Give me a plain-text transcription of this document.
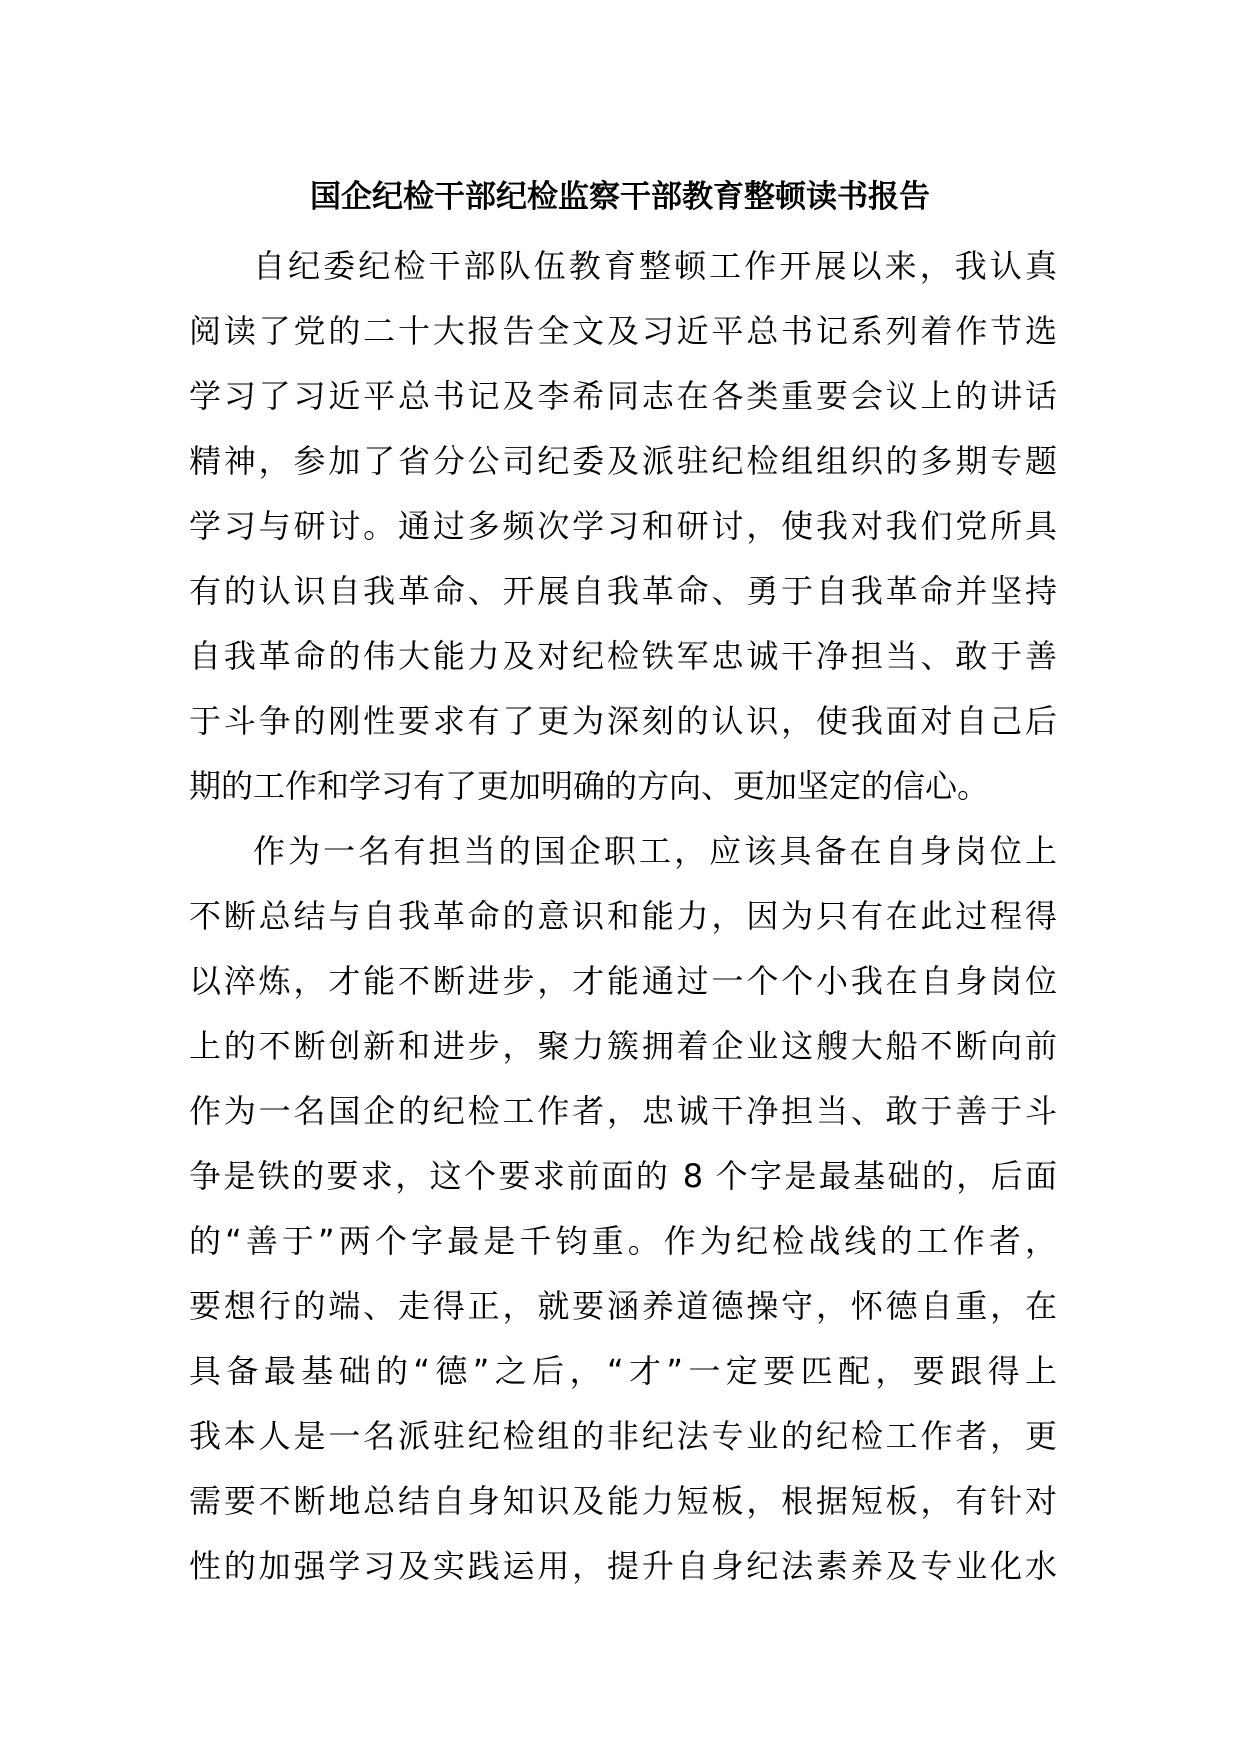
国企纪检干部纪检监察干部教育整顿读书报告
自纪委纪检干部队伍教育整顿工作开展以来，我认真
阅读了党的二十大报告全文及习近平总书记系列着作节选
学习了习近平总书记及李希同志在各类重要会议上的讲话
精神，参加了省分公司纪委及派驻纪检组组织的多期专题
学习与研讨。通过多频次学习和研讨，使我对我们党所具
有的认识自我革命、开展自我革命、勇于自我革命并坚持
自我革命的伟大能力及对纪检铁军忠诚干净担当、敢于善
于斗争的刚性要求有了更为深刻的认识，使我面对自己后
期的工作和学习有了更加明确的方向、更加坚定的信心。
作为一名有担当的国企职工，应该具备在自身岗位上
不断总结与自我革命的意识和能力，因为只有在此过程得
以淬炼，才能不断进步，才能通过一个个小我在自身岗位
上的不断创新和进步，聚力簇拥着企业这艘大船不断向前
作为一名国企的纪检工作者，忠诚干净担当、敢于善于斗
争是铁的要求，这个要求前面的 8 个字是最基础的，后面
的“善于”两个字最是千钧重。作为纪检战线的工作者，
要想行的端、走得正，就要涵养道德操守，怀德自重，在
具备最基础的“德”之后，“才”一定要匹配，要跟得上
我本人是一名派驻纪检组的非纪法专业的纪检工作者，更
需要不断地总结自身知识及能力短板，根据短板，有针对
性的加强学习及实践运用，提升自身纪法素养及专业化水
